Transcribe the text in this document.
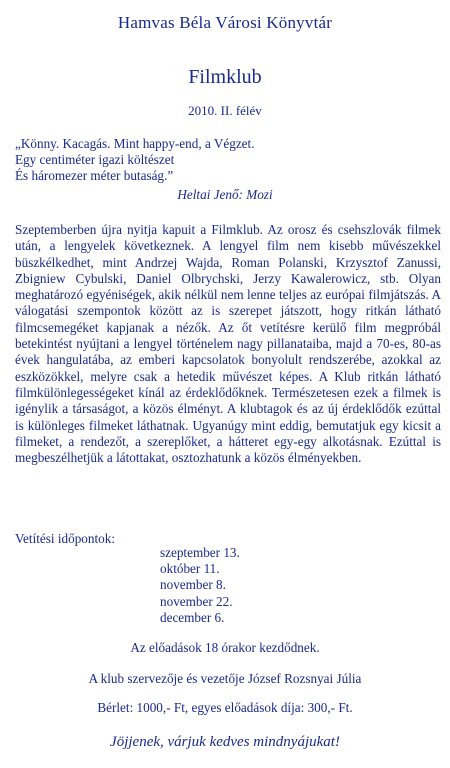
Hamvas Béla Városi Könyvtár
Filmklub
2010. II. félév
„Könny. Kacagás. Mint happy-end, a Végzet.
Egy centiméter igazi költészet
És háromezer méter butaság.”
Heltai Jenő: Mozi
Szeptemberben újra nyitja kapuit a Filmklub. Az orosz és csehszlovák filmek után, a lengyelek következnek. A lengyel film nem kisebb művészekkel büszkélkedhet, mint Andrzej Wajda, Roman Polanski, Krzysztof Zanussi, Zbigniew Cybulski, Daniel Olbrychski, Jerzy Kawalerowicz, stb. Olyan meghatározó egyéniségek, akik nélkül nem lenne teljes az európai filmjátszás. A válogatási szempontok között az is szerepet játszott, hogy ritkán látható filmcsemegéket kapjanak a nézők. Az őt vetítésre kerülő film megpróbál betekintést nyújtani a lengyel történelem nagy pillanataiba, majd a 70-es, 80-as évek hangulatába, az emberi kapcsolatok bonyolult rendszerébe, azokkal az eszközökkel, melyre csak a hetedik művészet képes. A Klub ritkán látható filmkülönlegességeket kínál az érdeklődőknek. Természetesen ezek a filmek is igénylik a társaságot, a közös élményt. A klubtagok és az új érdeklődők ezúttal is különleges filmeket láthatnak. Ugyanúgy mint eddig, bemutatjuk egy kicsit a filmeket, a rendezőt, a szereplőket, a hátteret egy-egy alkotásnak. Ezúttal is megbeszélhetjük a látottakat, osztozhatunk a közös élményekben.
Vetítési időpontok:
szeptember 13.
október 11.
november 8.
november 22.
december 6.
Az előadások 18 órakor kezdődnek.
A klub szervezője és vezetője József Rozsnyai Júlia
Bérlet: 1000,- Ft, egyes előadások díja: 300,- Ft.
Jöjjenek, várjuk kedves mindnyájukat!
